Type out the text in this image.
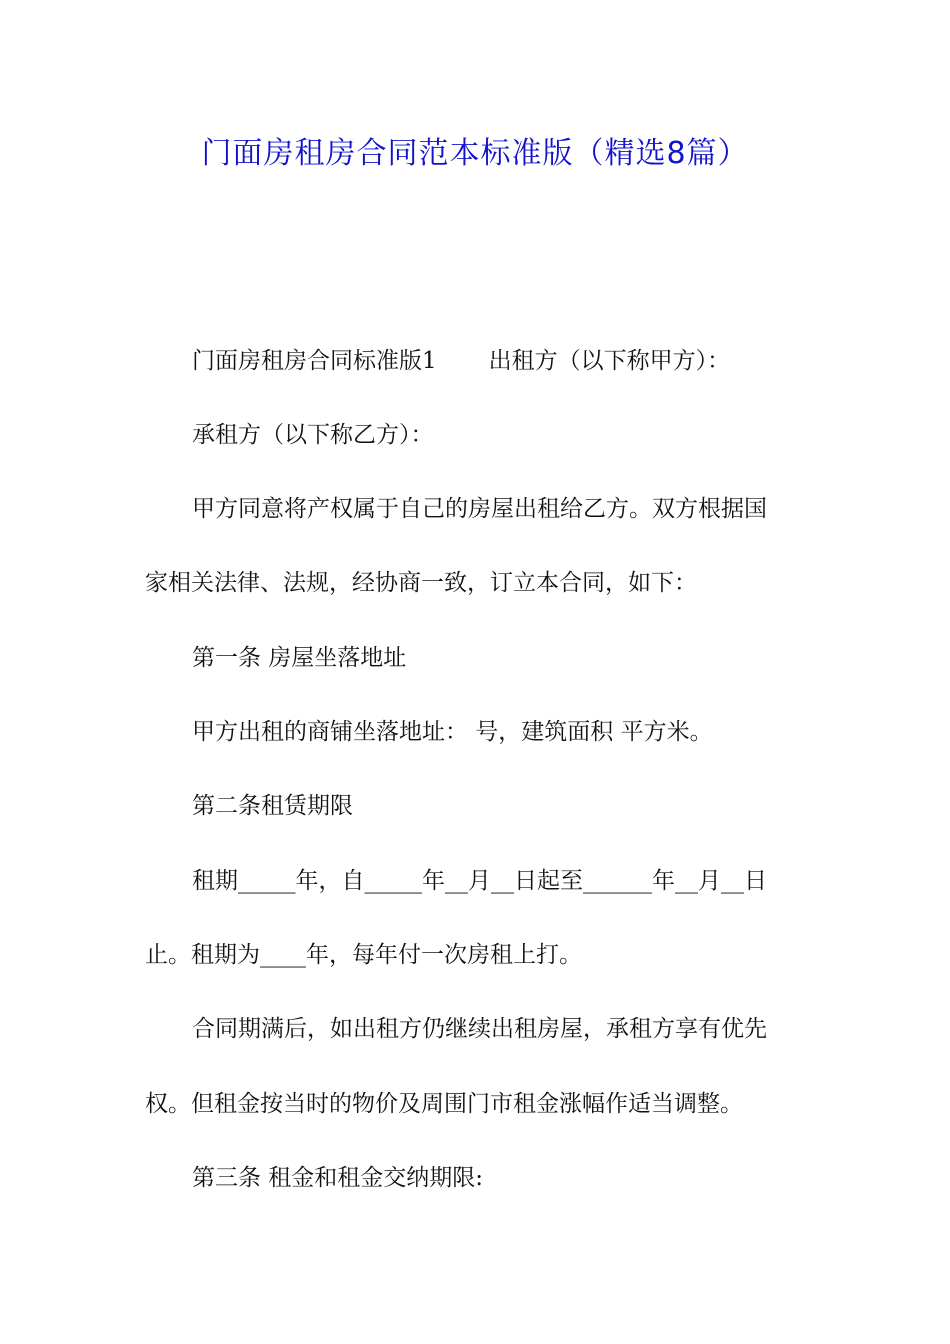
门面房租房合同范本标准版（精选8篇）
门面房租房合同标准版1 出租方（以下称甲方）：
承租方（以下称乙方）：
甲方同意将产权属于自己的房屋出租给乙方。双方根据国
家相关法律、法规，经协商一致，订立本合同，如下：
第一条 房屋坐落地址
甲方出租的商铺坐落地址： 号，建筑面积 平方米。
第二条租赁期限
租期_____年，自_____年__月__日起至______年__月__日
止。租期为____年，每年付一次房租上打。
合同期满后，如出租方仍继续出租房屋，承租方享有优先
权。但租金按当时的物价及周围门市租金涨幅作适当调整。
第三条 租金和租金交纳期限:
